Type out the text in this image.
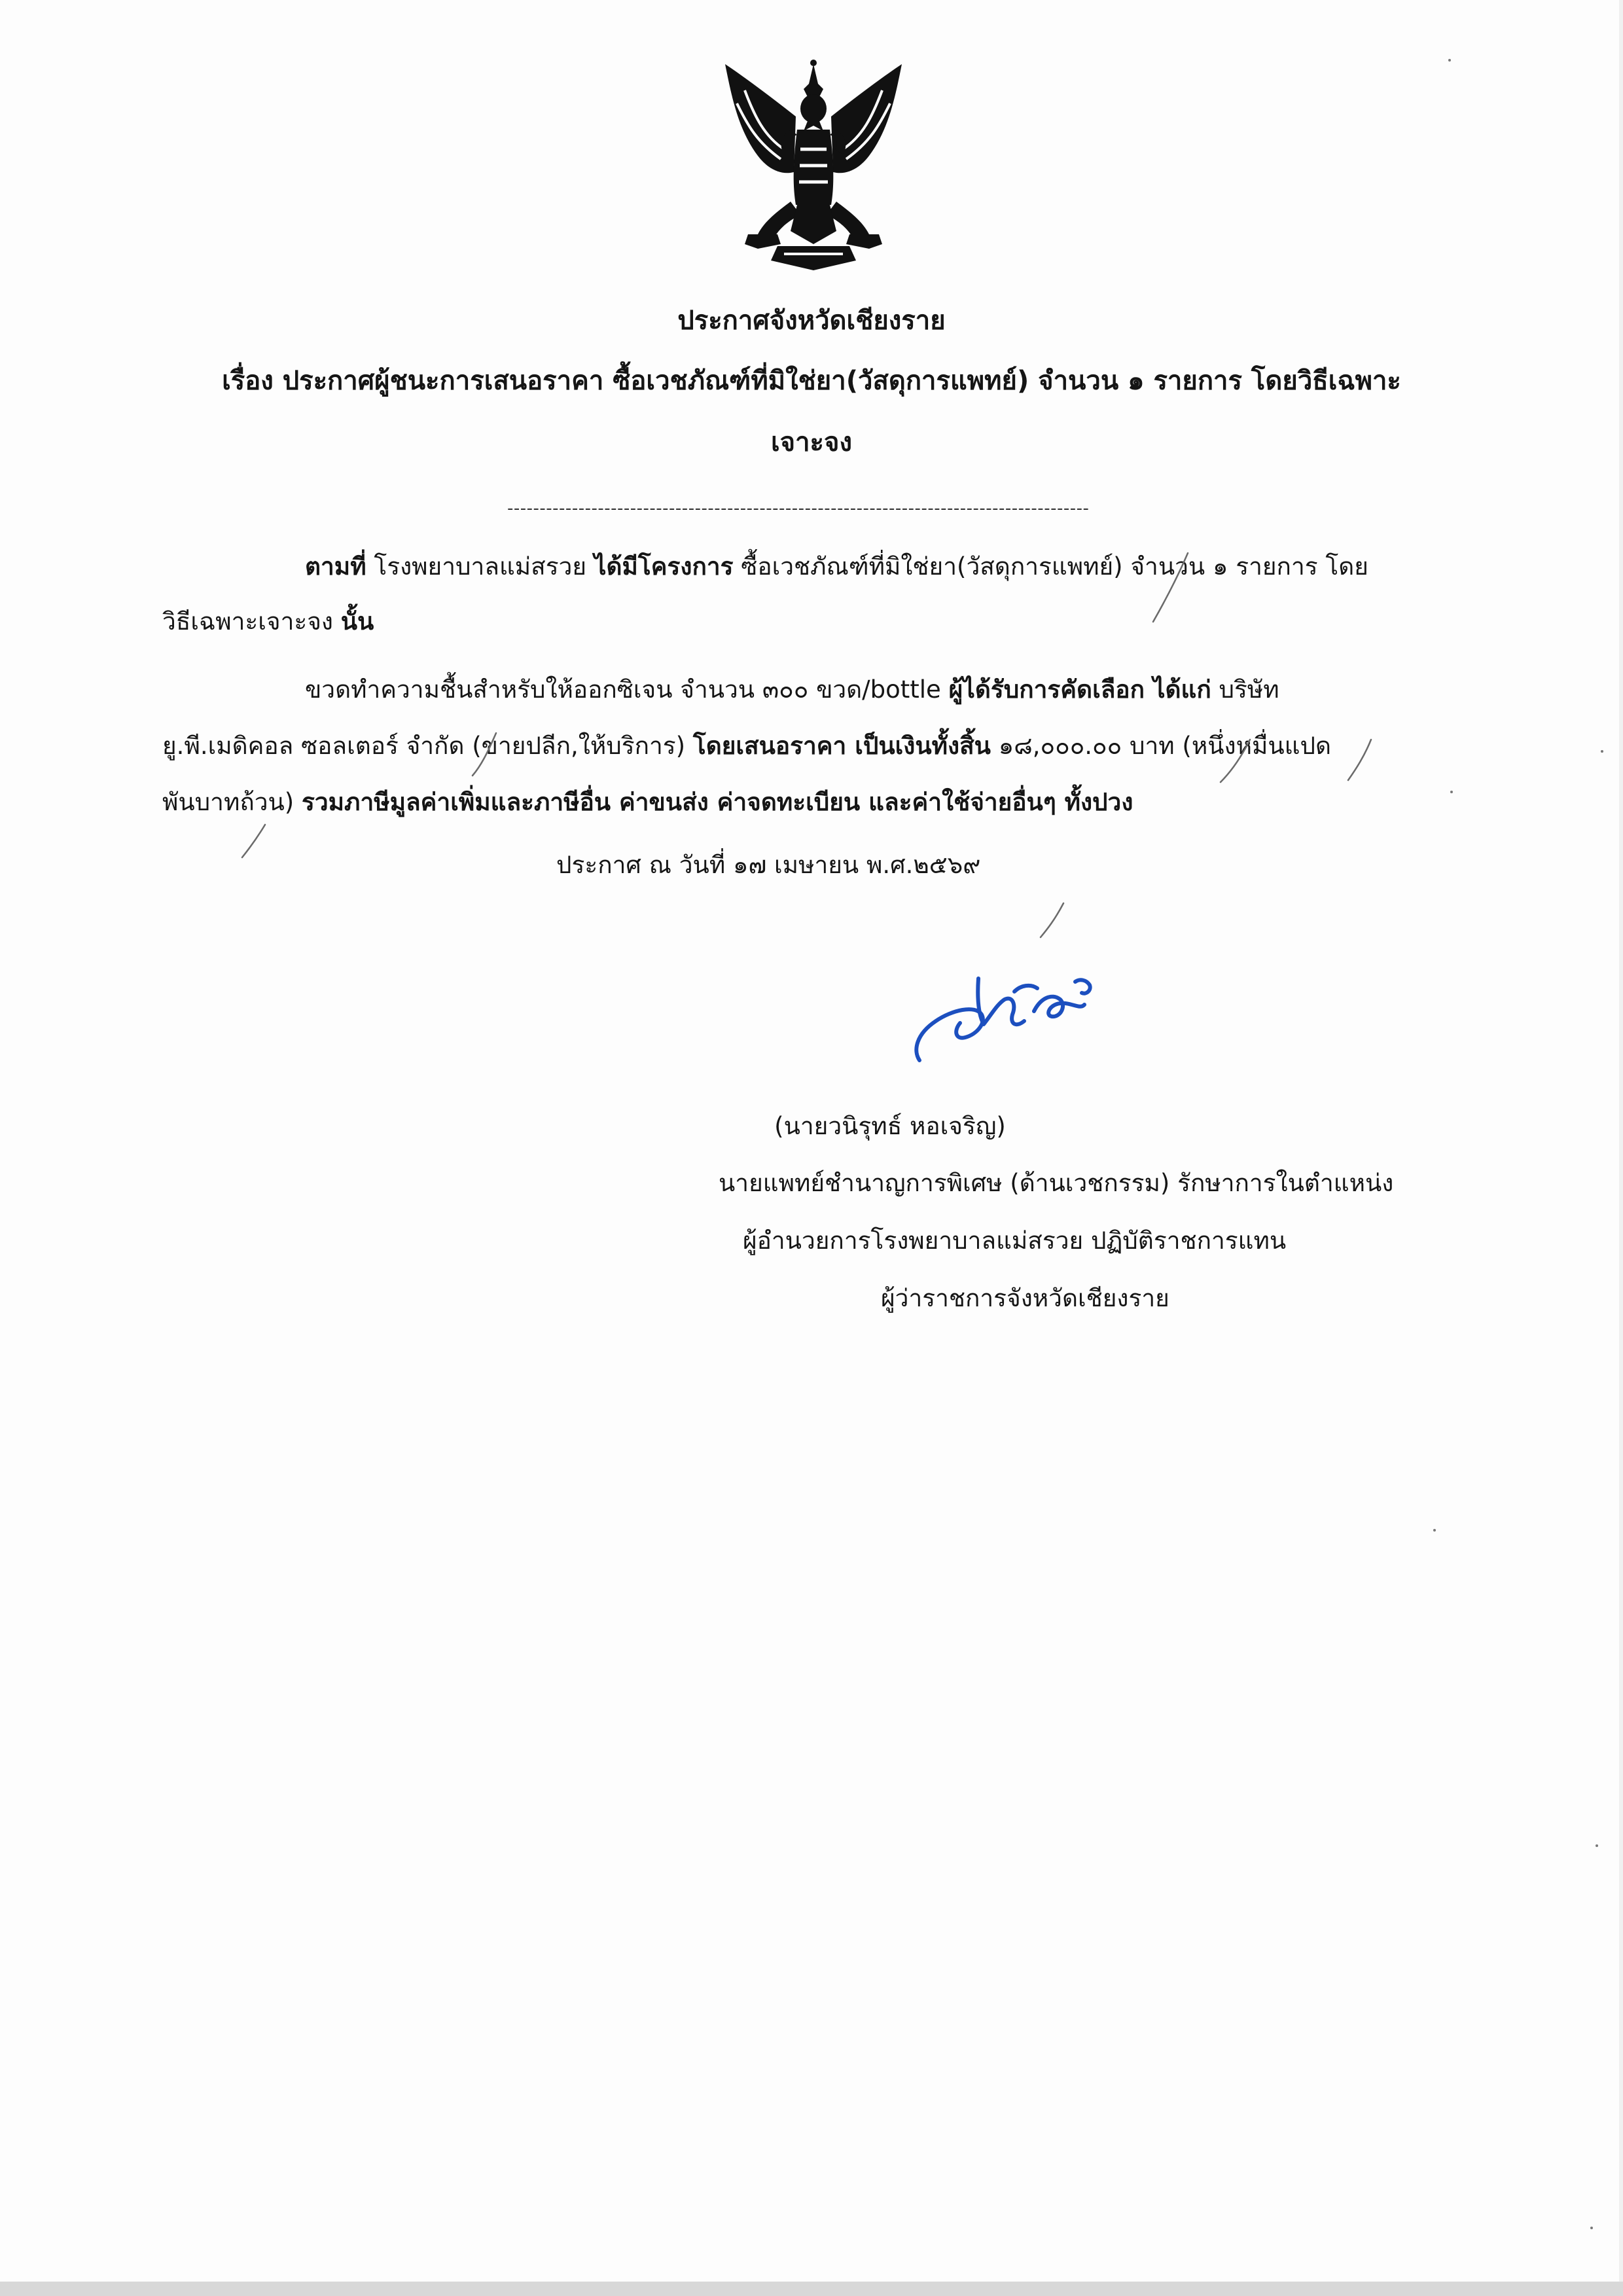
ประกาศจังหวัดเชียงราย
เรื่อง ประกาศผู้ชนะการเสนอราคา ซื้อเวชภัณฑ์ที่มิใช่ยา(วัสดุการแพทย์) จำนวน ๑ รายการ โดยวิธีเฉพาะ
เจาะจง
------------------------------------------------------------------------------------------
ตามที่ โรงพยาบาลแม่สรวย ได้มีโครงการ ซื้อเวชภัณฑ์ที่มิใช่ยา(วัสดุการแพทย์) จำนวน ๑ รายการ โดย
วิธีเฉพาะเจาะจง นั้น
ขวดทำความชื้นสำหรับให้ออกซิเจน จำนวน ๓๐๐ ขวด/bottle ผู้ได้รับการคัดเลือก ได้แก่ บริษัท
ยู.พี.เมดิคอล ซอลเตอร์ จำกัด (ขายปลีก,ให้บริการ) โดยเสนอราคา เป็นเงินทั้งสิ้น ๑๘,๐๐๐.๐๐ บาท (หนึ่งหมื่นแปด
พันบาทถ้วน) รวมภาษีมูลค่าเพิ่มและภาษีอื่น ค่าขนส่ง ค่าจดทะเบียน และค่าใช้จ่ายอื่นๆ ทั้งปวง
ประกาศ ณ วันที่ ๑๗ เมษายน พ.ศ.๒๕๖๙
(นายวนิรุทธ์ หอเจริญ)
นายแพทย์ชำนาญการพิเศษ (ด้านเวชกรรม) รักษาการในตำแหน่ง
ผู้อำนวยการโรงพยาบาลแม่สรวย ปฏิบัติราชการแทน
ผู้ว่าราชการจังหวัดเชียงราย
